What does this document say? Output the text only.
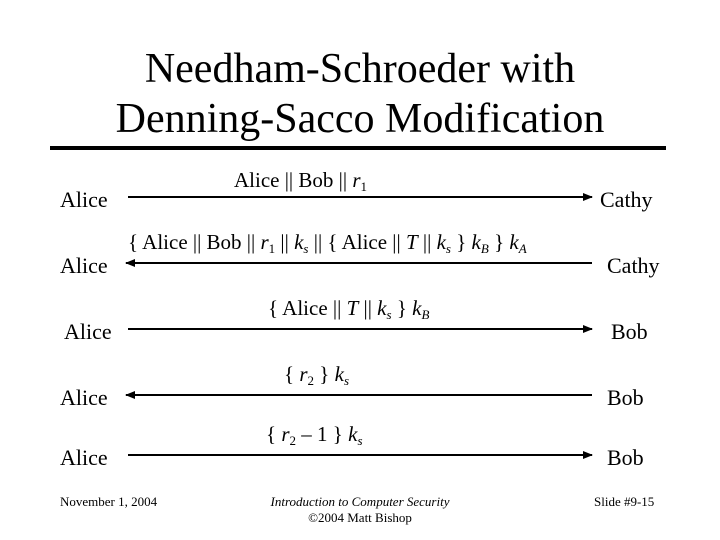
Needham-Schroeder with
Denning-Sacco Modification
Alice	Cathy
Alice || Bob || $r_1$
Alice	Cathy
{ Alice || Bob || $r_1$ || $k_s$ || { Alice || T || $k_s$ } $k_B$ } $k_A$
Alice	Bob
{ Alice || T || $k_s$ } $k_B$
Alice	Bob
{ $r_2$ } $k_s$
Alice	Bob
{ $r_2 - 1$ } $k_s$
November 1, 2004	Introduction to Computer Security
©2004 Matt Bishop
Slide #9-15
